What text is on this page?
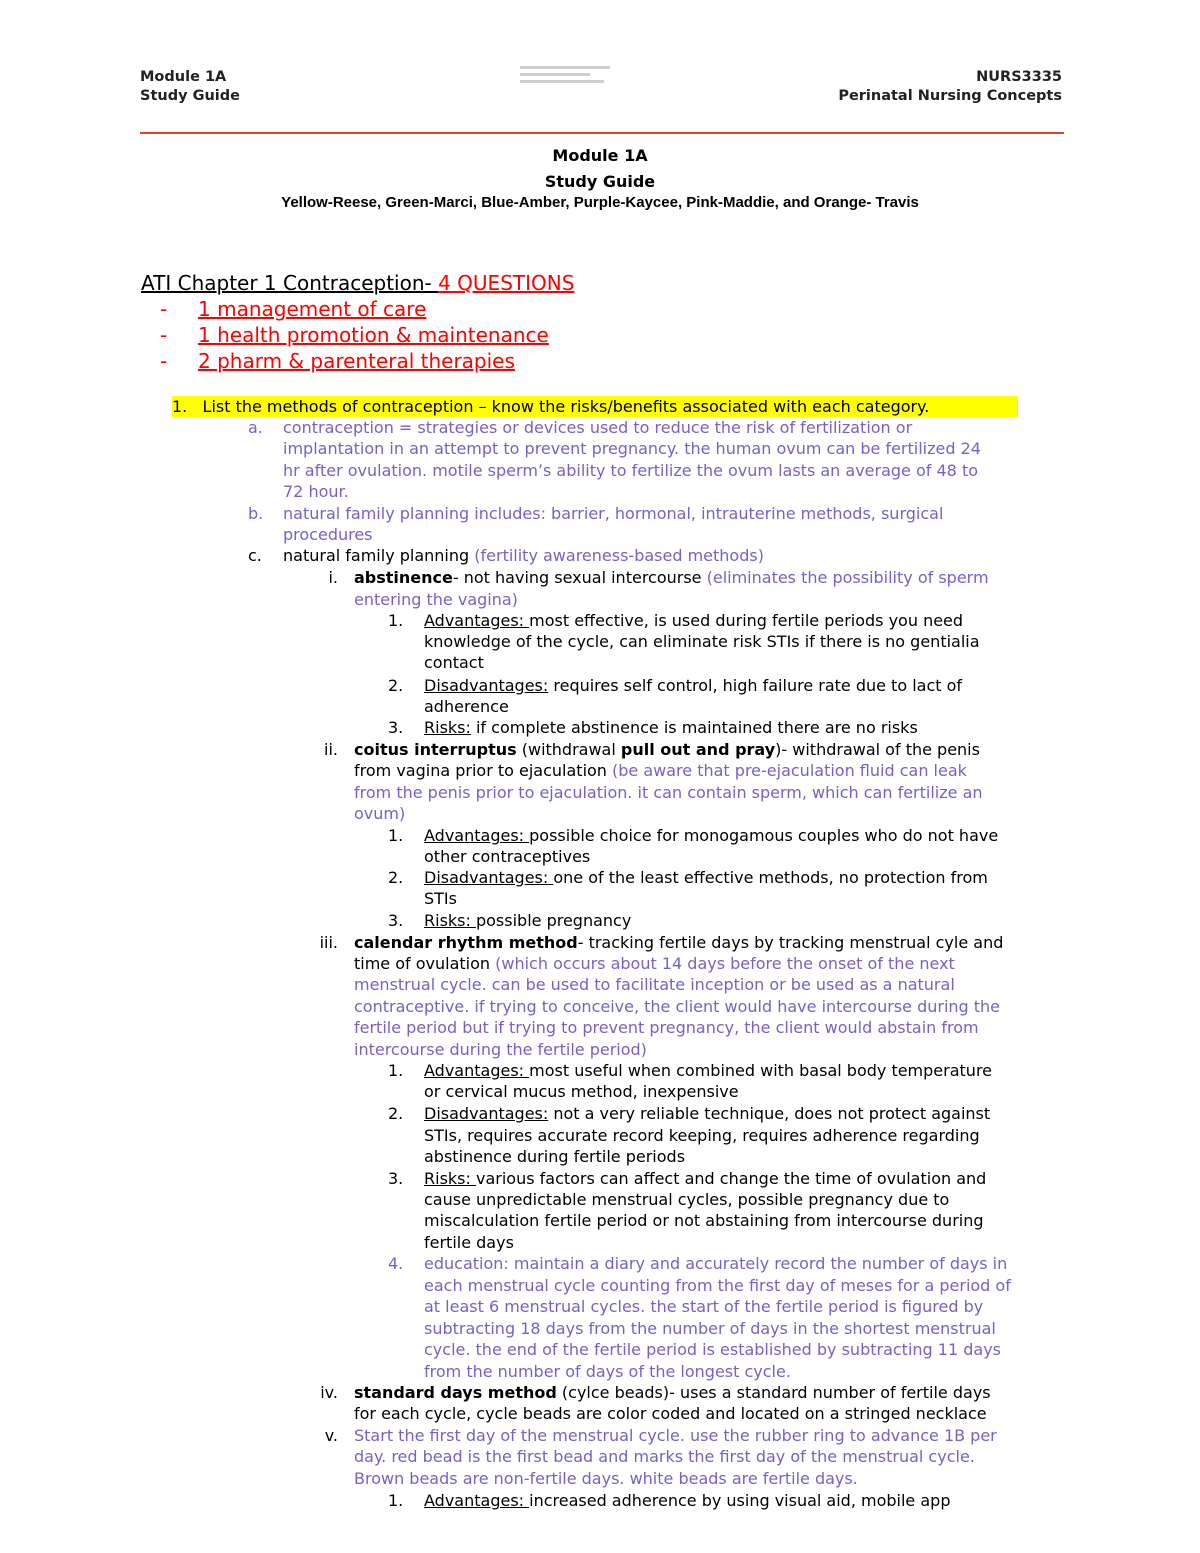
Module 1A
Study Guide
NURS3335
Perinatal Nursing Concepts
Module 1A
Study Guide
Yellow-Reese, Green-Marci, Blue-Amber, Purple-Kaycee, Pink-Maddie, and Orange- Travis
ATI Chapter 1 Contraception- 4 QUESTIONS
- 1 management of care
- 1 health promotion & maintenance
- 2 pharm & parenteral therapies
1. List the methods of contraception – know the risks/benefits associated with each category.
a. contraception = strategies or devices used to reduce the risk of fertilization or
implantation in an attempt to prevent pregnancy. the human ovum can be fertilized 24
hr after ovulation. motile sperm’s ability to fertilize the ovum lasts an average of 48 to
72 hour.
b. natural family planning includes: barrier, hormonal, intrauterine methods, surgical
procedures
c. natural family planning (fertility awareness-based methods)
i. abstinence- not having sexual intercourse (eliminates the possibility of sperm
entering the vagina)
1. Advantages: most effective, is used during fertile periods you need
knowledge of the cycle, can eliminate risk STIs if there is no gentialia
contact
2. Disadvantages: requires self control, high failure rate due to lact of
adherence
3. Risks: if complete abstinence is maintained there are no risks
ii. coitus interruptus (withdrawal pull out and pray)- withdrawal of the penis
from vagina prior to ejaculation (be aware that pre-ejaculation fluid can leak
from the penis prior to ejaculation. it can contain sperm, which can fertilize an
ovum)
1. Advantages: possible choice for monogamous couples who do not have
other contraceptives
2. Disadvantages: one of the least effective methods, no protection from
STIs
3. Risks: possible pregnancy
iii. calendar rhythm method- tracking fertile days by tracking menstrual cyle and
time of ovulation (which occurs about 14 days before the onset of the next
menstrual cycle. can be used to facilitate inception or be used as a natural
contraceptive. if trying to conceive, the client would have intercourse during the
fertile period but if trying to prevent pregnancy, the client would abstain from
intercourse during the fertile period)
1. Advantages: most useful when combined with basal body temperature
or cervical mucus method, inexpensive
2. Disadvantages: not a very reliable technique, does not protect against
STIs, requires accurate record keeping, requires adherence regarding
abstinence during fertile periods
3. Risks: various factors can affect and change the time of ovulation and
cause unpredictable menstrual cycles, possible pregnancy due to
miscalculation fertile period or not abstaining from intercourse during
fertile days
4. education: maintain a diary and accurately record the number of days in
each menstrual cycle counting from the first day of meses for a period of
at least 6 menstrual cycles. the start of the fertile period is figured by
subtracting 18 days from the number of days in the shortest menstrual
cycle. the end of the fertile period is established by subtracting 11 days
from the number of days of the longest cycle.
iv. standard days method (cylce beads)- uses a standard number of fertile days
for each cycle, cycle beads are color coded and located on a stringed necklace
v. Start the first day of the menstrual cycle. use the rubber ring to advance 1B per
day. red bead is the first bead and marks the first day of the menstrual cycle.
Brown beads are non-fertile days. white beads are fertile days.
1. Advantages: increased adherence by using visual aid, mobile app
